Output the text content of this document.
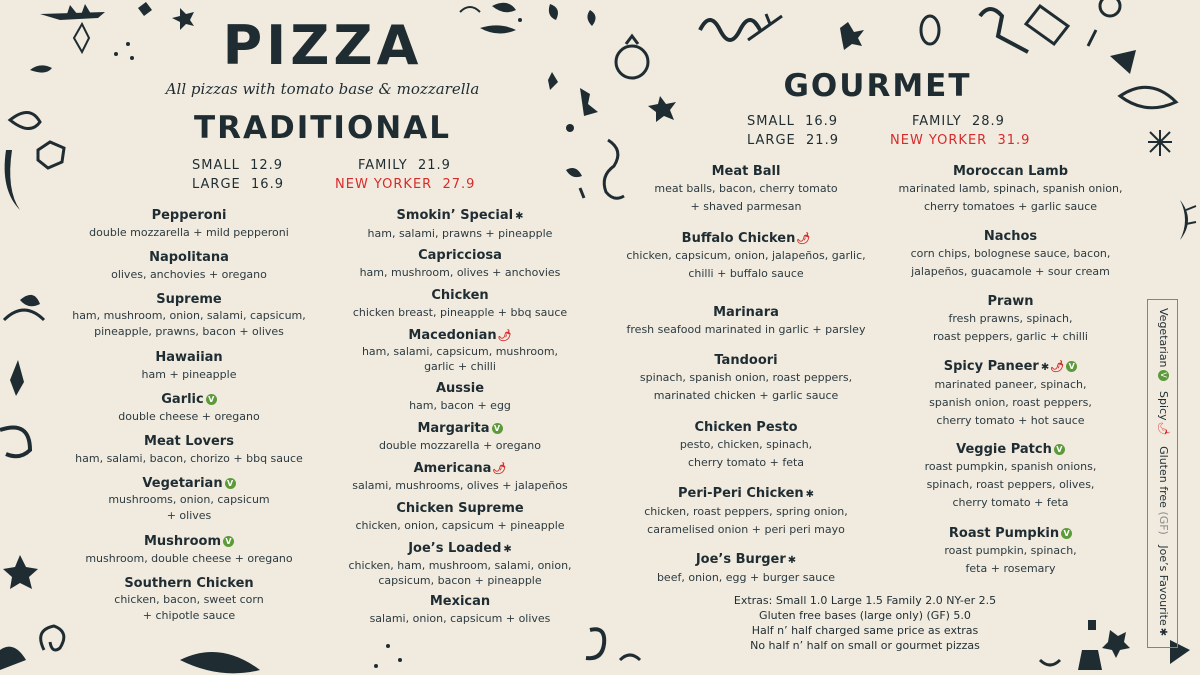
PIZZA
All pizzas with tomato base & mozzarella
TRADITIONAL
SMALL 12.9
LARGE 16.9
FAMILY 21.9
NEW YORKER 27.9
Pepperoni
double mozzarella + mild pepperoni
Napolitana
olives, anchovies + oregano
Supreme
ham, mushroom, onion, salami, capsicum,
pineapple, prawns, bacon + olives
Hawaiian
ham + pineapple
Garlic V
double cheese + oregano
Meat Lovers
ham, salami, bacon, chorizo + bbq sauce
Vegetarian V
mushrooms, onion, capsicum
+ olives
Mushroom V
mushroom, double cheese + oregano
Southern Chicken
chicken, bacon, sweet corn
+ chipotle sauce
Smokin’ Special ✱
ham, salami, prawns + pineapple
Capricciosa
ham, mushroom, olives + anchovies
Chicken
chicken breast, pineapple + bbq sauce
Macedonian🌶
ham, salami, capsicum, mushroom,
garlic + chilli
Aussie
ham, bacon + egg
Margarita V
double mozzarella + oregano
Americana🌶
salami, mushrooms, olives + jalapeños
Chicken Supreme
chicken, onion, capsicum + pineapple
Joe’s Loaded ✱
chicken, ham, mushroom, salami, onion,
capsicum, bacon + pineapple
Mexican
salami, onion, capsicum + olives
GOURMET
SMALL 16.9
LARGE 21.9
FAMILY 28.9
NEW YORKER 31.9
Meat Ball
meat balls, bacon, cherry tomato
+ shaved parmesan
Buffalo Chicken🌶
chicken, capsicum, onion, jalapeños, garlic,
chilli + buffalo sauce
Marinara
fresh seafood marinated in garlic + parsley
Tandoori
spinach, spanish onion, roast peppers,
marinated chicken + garlic sauce
Chicken Pesto
pesto, chicken, spinach,
cherry tomato + feta
Peri-Peri Chicken ✱
chicken, roast peppers, spring onion,
caramelised onion + peri peri mayo
Joe’s Burger ✱
beef, onion, egg + burger sauce
Moroccan Lamb
marinated lamb, spinach, spanish onion,
cherry tomatoes + garlic sauce
Nachos
corn chips, bolognese sauce, bacon,
jalapeños, guacamole + sour cream
Prawn
fresh prawns, spinach,
roast peppers, garlic + chilli
Spicy Paneer ✱🌶 V
marinated paneer, spinach,
spanish onion, roast peppers,
cherry tomato + hot sauce
Veggie Patch V
roast pumpkin, spanish onions,
spinach, roast peppers, olives,
cherry tomato + feta
Roast Pumpkin V
roast pumpkin, spinach,
feta + rosemary
Extras: Small 1.0 Large 1.5 Family 2.0 NY-er 2.5
Gluten free bases (large only) (GF) 5.0
Half n’ half charged same price as extras
No half n’ half on small or gourmet pizzas
VegetarianV   Spicy🌶   Gluten free (GF)   Joe’s Favourite✱
